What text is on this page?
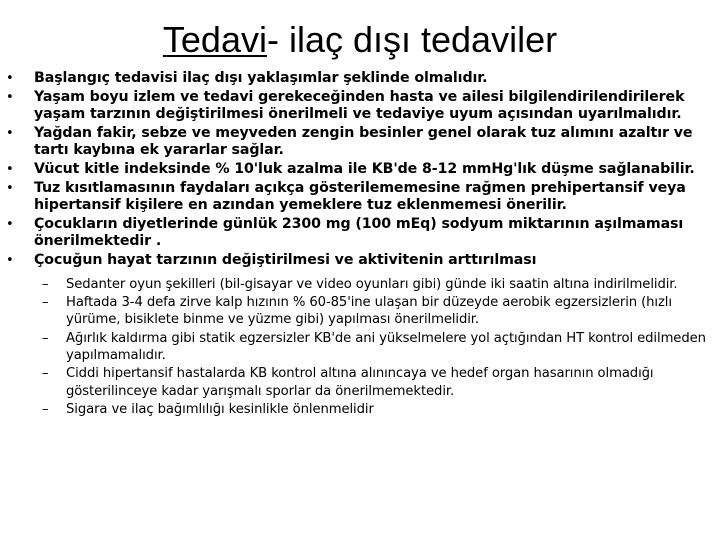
Tedavi- ilaç dışı tedaviler
• Başlangıç tedavisi ilaç dışı yaklaşımlar şeklinde olmalıdır.
• Yaşam boyu izlem ve tedavi gerekeceğinden hasta ve ailesi bilgilendirilendirilerek yaşam tarzının değiştirilmesi önerilmeli ve tedaviye uyum açısından uyarılmalıdır.
• Yağdan fakir, sebze ve meyveden zengin besinler genel olarak tuz alımını azaltır ve tartı kaybına ek yararlar sağlar.
• Vücut kitle indeksinde % 10'luk azalma ile KB'de 8-12 mmHg'lık düşme sağlanabilir.
• Tuz kısıtlamasının faydaları açıkça gösterilememesine rağmen prehipertansif veya hipertansif kişilere en azından yemeklere tuz eklenmemesi önerilir.
• Çocukların diyetlerinde günlük 2300 mg (100 mEq) sodyum miktarının aşılmaması önerilmektedir .
• Çocuğun hayat tarzının değiştirilmesi ve aktivitenin arttırılması
– Sedanter oyun şekilleri (bil-gisayar ve video oyunları gibi) günde iki saatin altına indirilmelidir.
– Haftada 3-4 defa zirve kalp hızının % 60-85'ine ulaşan bir düzeyde aerobik egzersizlerin (hızlı yürüme, bisiklete binme ve yüzme gibi) yapılması önerilmelidir.
– Ağırlık kaldırma gibi statik egzersizler KB'de ani yükselmelere yol açtığından HT kontrol edilmeden yapılmamalıdır.
– Ciddi hipertansif hastalarda KB kontrol altına alınıncaya ve hedef organ hasarının olmadığı gösterilinceye kadar yarışmalı sporlar da önerilmemektedir.
– Sigara ve ilaç bağımlılığı kesinlikle önlenmelidir
